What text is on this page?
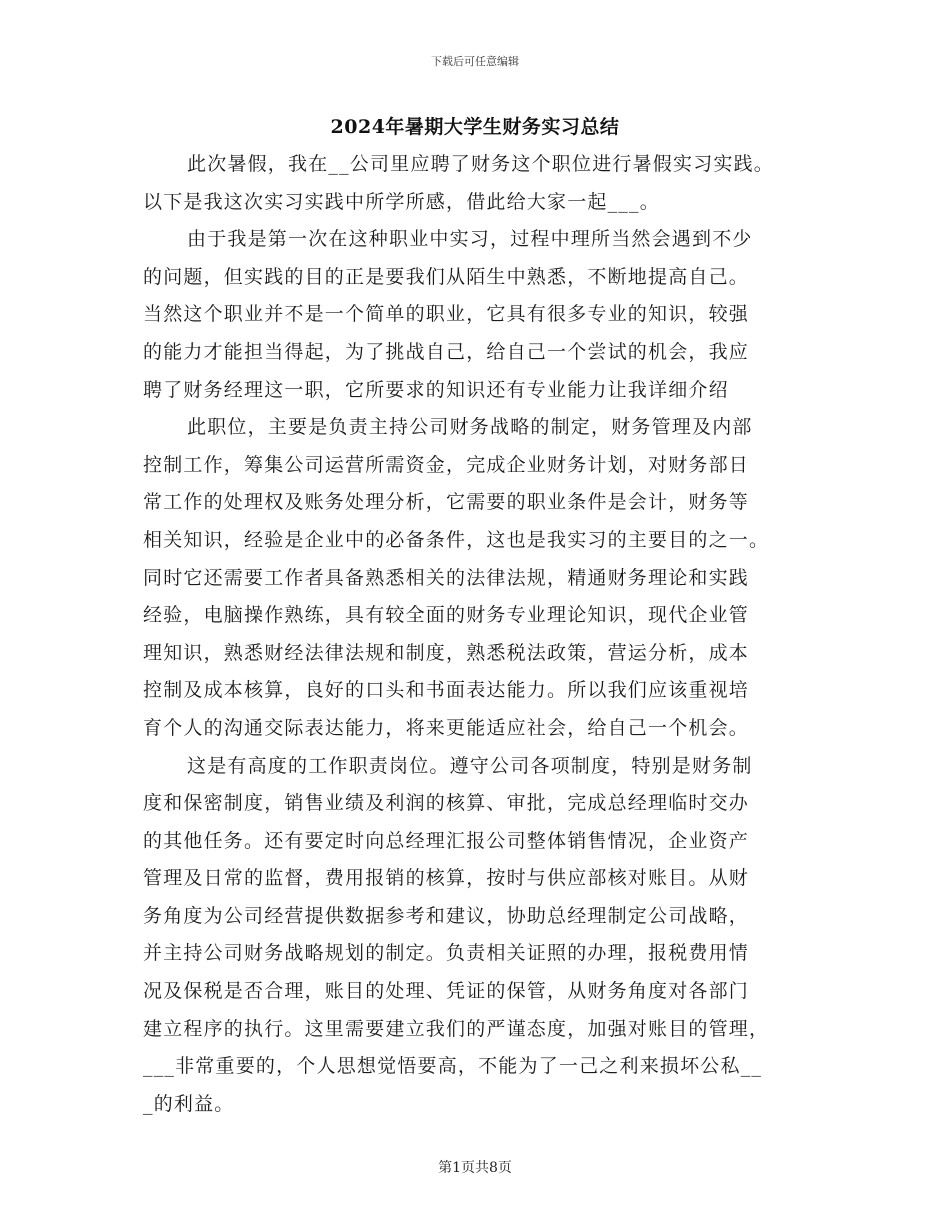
下载后可任意编辑
2024年暑期大学生财务实习总结
此次暑假，我在__公司里应聘了财务这个职位进行暑假实习实践。
以下是我这次实习实践中所学所感，借此给大家一起___。
由于我是第一次在这种职业中实习，过程中理所当然会遇到不少
的问题，但实践的目的正是要我们从陌生中熟悉，不断地提高自己。
当然这个职业并不是一个简单的职业，它具有很多专业的知识，较强
的能力才能担当得起，为了挑战自己，给自己一个尝试的机会，我应
聘了财务经理这一职，它所要求的知识还有专业能力让我详细介绍
此职位，主要是负责主持公司财务战略的制定，财务管理及内部
控制工作，筹集公司运营所需资金，完成企业财务计划，对财务部日
常工作的处理权及账务处理分析，它需要的职业条件是会计，财务等
相关知识，经验是企业中的必备条件，这也是我实习的主要目的之一。
同时它还需要工作者具备熟悉相关的法律法规，精通财务理论和实践
经验，电脑操作熟练，具有较全面的财务专业理论知识，现代企业管
理知识，熟悉财经法律法规和制度，熟悉税法政策，营运分析，成本
控制及成本核算，良好的口头和书面表达能力。所以我们应该重视培
育个人的沟通交际表达能力，将来更能适应社会，给自己一个机会。
这是有高度的工作职责岗位。遵守公司各项制度，特别是财务制
度和保密制度，销售业绩及利润的核算、审批，完成总经理临时交办
的其他任务。还有要定时向总经理汇报公司整体销售情况，企业资产
管理及日常的监督，费用报销的核算，按时与供应部核对账目。从财
务角度为公司经营提供数据参考和建议，协助总经理制定公司战略，
并主持公司财务战略规划的制定。负责相关证照的办理，报税费用情
况及保税是否合理，账目的处理、凭证的保管，从财务角度对各部门
建立程序的执行。这里需要建立我们的严谨态度，加强对账目的管理，
___非常重要的，个人思想觉悟要高，不能为了一己之利来损坏公私__
_的利益。
第1页共8页
